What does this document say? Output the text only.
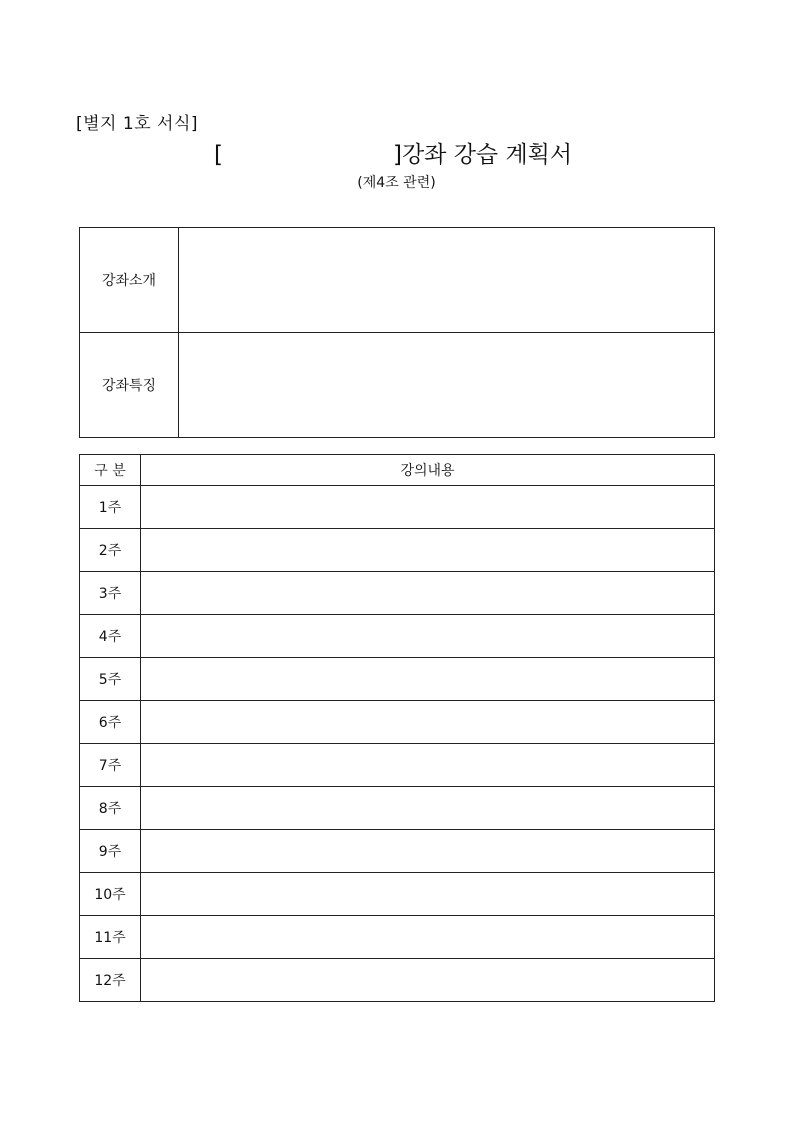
[별지 1호 서식]
[	]강좌 강습 계획서
(제4조 관련)
강좌소개	
강좌특징	
구 분	강의내용
1주	
2주	
3주	
4주	
5주	
6주	
7주	
8주	
9주	
10주	
11주	
12주	
